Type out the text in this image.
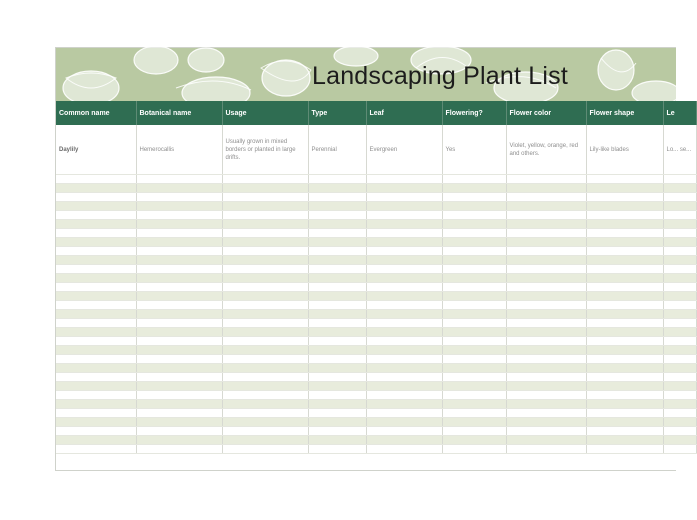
Landscaping Plant List
Common name	Botanical name	Usage	Type	Leaf	Flowering?	Flower color	Flower shape	Le
Daylily	Hemerocallis	Usually grown in mixed borders or planted in large drifts.	Perennial	Evergreen	Yes	Violet, yellow, orange, red and others.	Lily-like blades	Lo... se...
